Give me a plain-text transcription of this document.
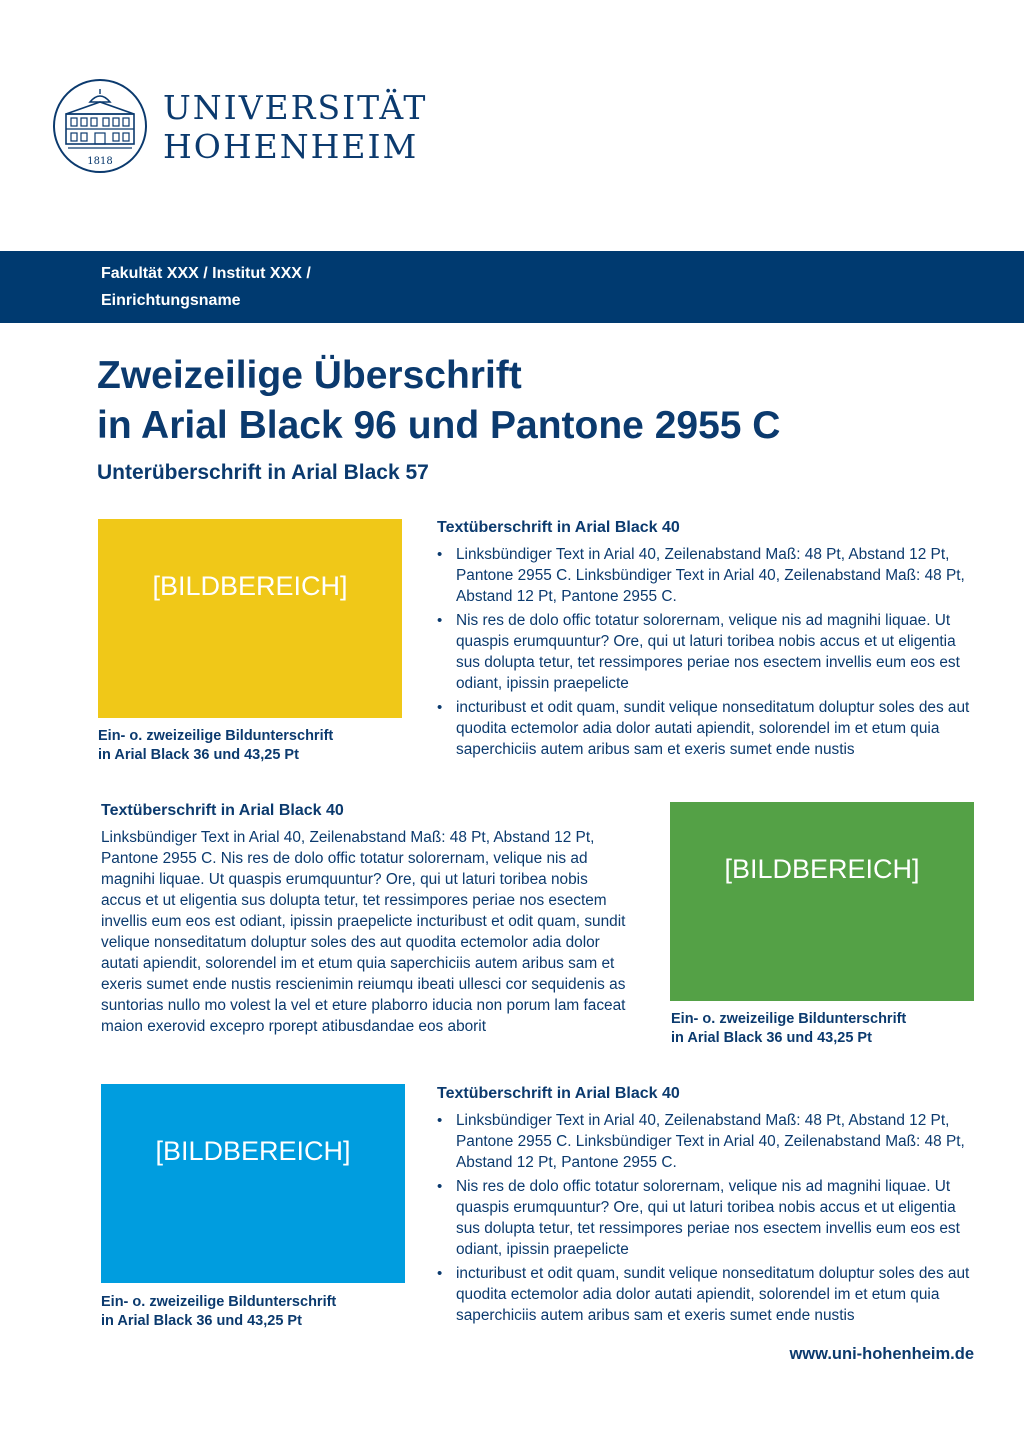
1818
UNIVERSITÄT
HOHENHEIM
Fakultät XXX / Institut XXX /
Einrichtungsname
Zweizeilige Überschrift
in Arial Black 96 und Pantone 2955 C
Unterüberschrift in Arial Black 57
[BILDBEREICH]
Ein- o. zweizeilige Bildunterschrift
in Arial Black 36 und 43,25 Pt
Textüberschrift in Arial Black 40
• Linksbündiger Text in Arial 40, Zeilenabstand Maß: 48 Pt, Abstand 12 Pt, Pantone 2955 C. Linksbündiger Text in Arial 40, Zeilenabstand Maß: 48 Pt, Abstand 12 Pt, Pantone 2955 C.
• Nis res de dolo offic totatur solorernam, velique nis ad magnihi liquae. Ut quaspis erumquuntur? Ore, qui ut laturi toribea nobis accus et ut eligentia sus dolupta tetur, tet ressimpores periae nos esectem invellis eum eos est odiant, ipissin praepelicte
• incturibust et odit quam, sundit velique nonseditatum doluptur soles des aut quodita ectemolor adia dolor autati apiendit, solorendel im et etum quia saperchiciis autem aribus sam et exeris sumet ende nustis
Textüberschrift in Arial Black 40
Linksbündiger Text in Arial 40, Zeilenabstand Maß: 48 Pt, Abstand 12 Pt, Pantone 2955 C. Nis res de dolo offic totatur solorernam, velique nis ad magnihi liquae. Ut quaspis erumquuntur? Ore, qui ut laturi toribea nobis accus et ut eligentia sus dolupta tetur, tet ressimpores periae nos esectem invellis eum eos est odiant, ipissin praepelicte incturibust et odit quam, sundit velique nonseditatum doluptur soles des aut quodita ectemolor adia dolor autati apiendit, solorendel im et etum quia saperchiciis autem aribus sam et exeris sumet ende nustis rescienimin reiumqu ibeati ullesci cor sequidenis as suntorias nullo mo volest la vel et eture plaborro iducia non porum lam faceat maion exerovid excepro rporept atibusdandae eos aborit
[BILDBEREICH]
Ein- o. zweizeilige Bildunterschrift
in Arial Black 36 und 43,25 Pt
[BILDBEREICH]
Ein- o. zweizeilige Bildunterschrift
in Arial Black 36 und 43,25 Pt
Textüberschrift in Arial Black 40
• Linksbündiger Text in Arial 40, Zeilenabstand Maß: 48 Pt, Abstand 12 Pt, Pantone 2955 C. Linksbündiger Text in Arial 40, Zeilenabstand Maß: 48 Pt, Abstand 12 Pt, Pantone 2955 C.
• Nis res de dolo offic totatur solorernam, velique nis ad magnihi liquae. Ut quaspis erumquuntur? Ore, qui ut laturi toribea nobis accus et ut eligentia sus dolupta tetur, tet ressimpores periae nos esectem invellis eum eos est odiant, ipissin praepelicte
• incturibust et odit quam, sundit velique nonseditatum doluptur soles des aut quodita ectemolor adia dolor autati apiendit, solorendel im et etum quia saperchiciis autem aribus sam et exeris sumet ende nustis
www.uni-hohenheim.de
